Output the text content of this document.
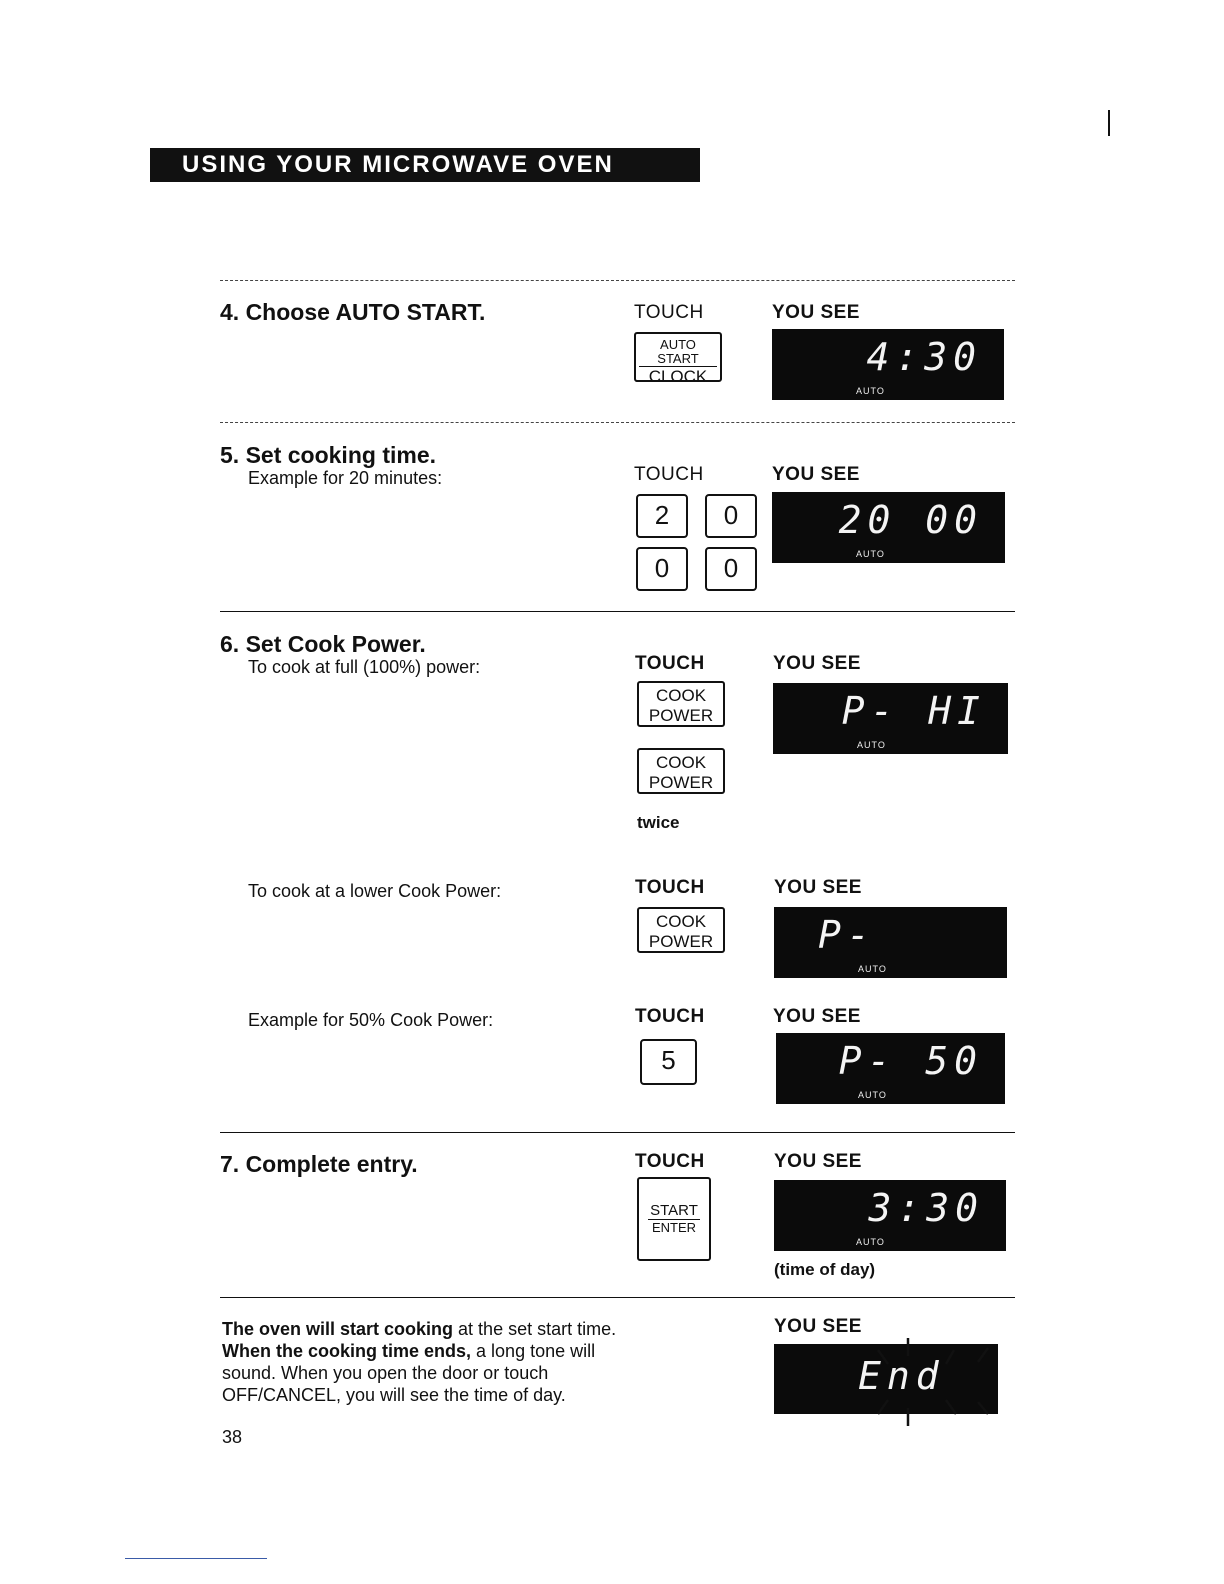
USING YOUR MICROWAVE OVEN
4. Choose AUTO START.	TOUCH	YOU SEE
AUTO START
CLOCK	4:30
AUTO
5. Set cooking time.
Example for 20 minutes:	TOUCH	YOU SEE
2	0
0	0
20 00
AUTO
6. Set Cook Power.
To cook at full (100%) power:	TOUCH	YOU SEE
COOK
POWER
COOK
POWER
twice
P- HI
AUTO
To cook at a lower Cook Power:	TOUCH	YOU SEE
COOK
POWER	P-
AUTO
Example for 50% Cook Power:	TOUCH	YOU SEE
5	P- 50
AUTO
7. Complete entry.	TOUCH	YOU SEE
START
ENTER	3:30
AUTO
(time of day)
The oven will start cooking at the set start time. When the cooking time ends, a long tone will sound. When you open the door or touch OFF/CANCEL, you will see the time of day.
38
YOU SEE
End
